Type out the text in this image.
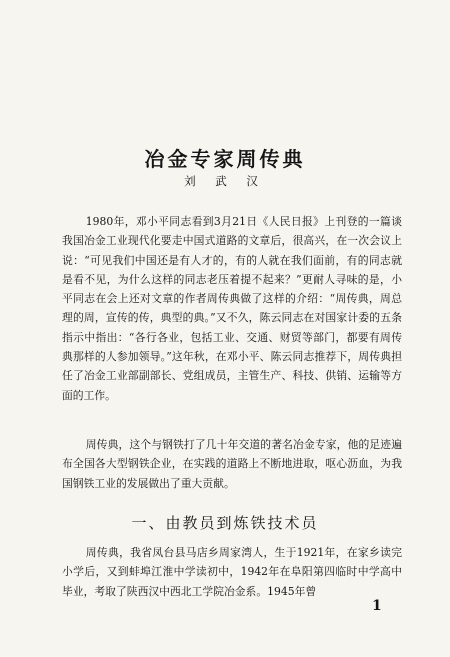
冶金专家周传典
刘 武 汉

1980年，邓小平同志看到3月21日《人民日报》上刊登的一篇谈我国冶金工业现代化要走中国式道路的文章后，很高兴，在一次会议上说：“可见我们中国还是有人才的，有的人就在我们面前，有的同志就是看不见，为什么这样的同志老压着提不起来？”更耐人寻味的是，小平同志在会上还对文章的作者周传典做了这样的介绍：“周传典，周总理的周，宣传的传，典型的典。”又不久，陈云同志在对国家计委的五条指示中指出：“各行各业，包括工业、交通、财贸等部门，都要有周传典那样的人参加领导。”这年秋，在邓小平、陈云同志推荐下，周传典担任了冶金工业部副部长、党组成员，主管生产、科技、供销、运输等方面的工作。

周传典，这个与钢铁打了几十年交道的著名冶金专家，他的足迹遍布全国各大型钢铁企业，在实践的道路上不断地进取，呕心沥血，为我国钢铁工业的发展做出了重大贡献。

一、由教员到炼铁技术员

周传典，我省凤台县马店乡周家湾人，生于1921年，在家乡读完小学后，又到蚌埠江淮中学读初中，1942年在阜阳第四临时中学高中毕业，考取了陕西汉中西北工学院冶金系。1945年曾

1
